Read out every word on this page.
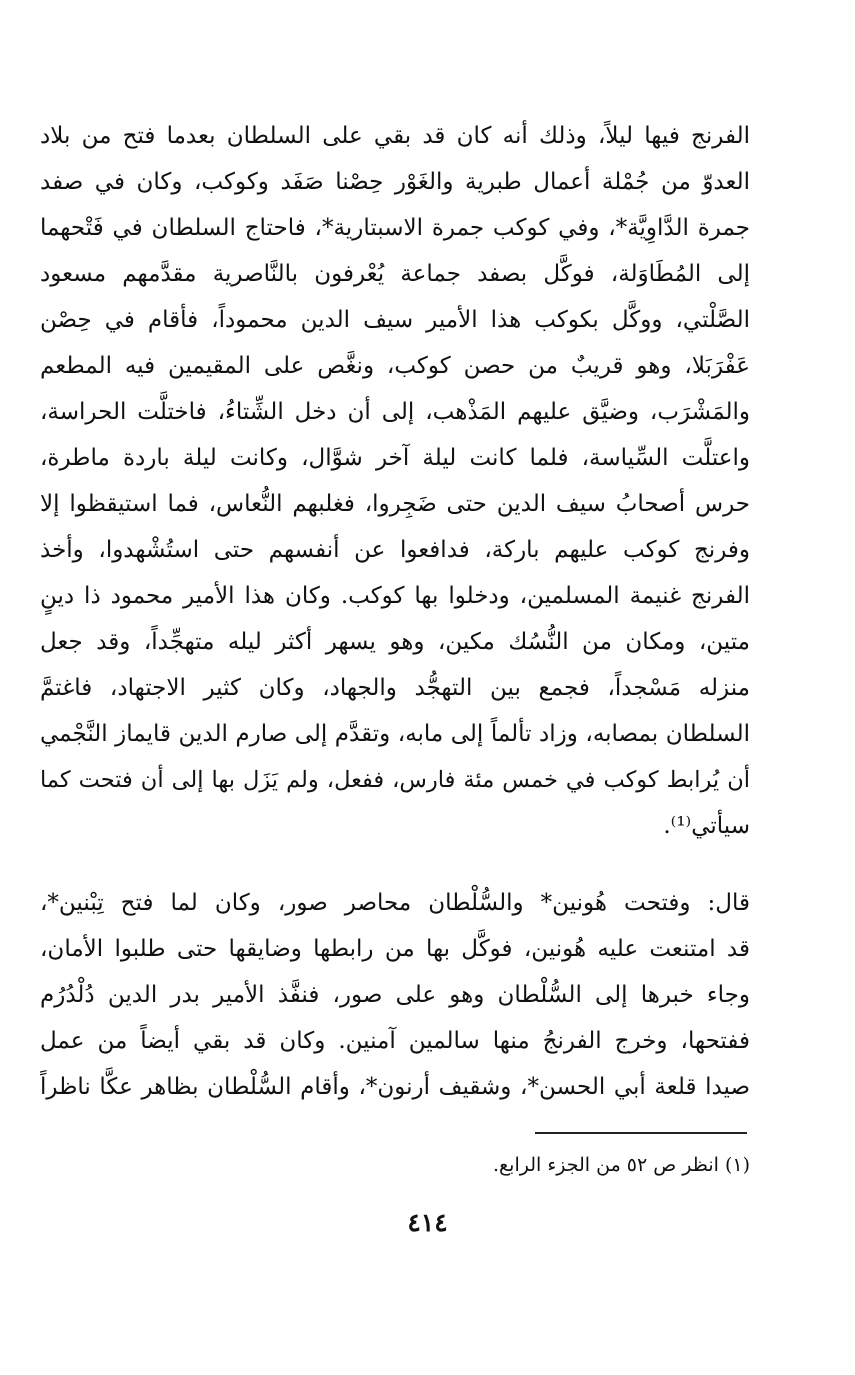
الفرنج فيها ليلاً، وذلك أنه كان قد بقي على السلطان بعدما فتح من بلاد
العدوّ من جُمْلة أعمال طبرية والغَوْر حِصْنا صَفَد وكوكب، وكان في صفد
جمرة الدَّاوِيَّة*، وفي كوكب جمرة الاسبتارية*، فاحتاج السلطان في فَتْحهما
إلى المُطَاوَلة، فوكَّل بصفد جماعة يُعْرفون بالنَّاصرية مقدَّمهم مسعود
الصَّلْتي، ووكَّل بكوكب هذا الأمير سيف الدين محموداً، فأقام في حِصْن
عَفْرَبَلا، وهو قريبٌ من حصن كوكب، ونغَّص على المقيمين فيه المطعم
والمَشْرَب، وضيَّق عليهم المَذْهب، إلى أن دخل الشِّتاءُ، فاختلَّت الحراسة،
واعتلَّت السِّياسة، فلما كانت ليلة آخر شوَّال، وكانت ليلة باردة ماطرة،
حرس أصحابُ سيف الدين حتى ضَجِروا، فغلبهم النُّعاس، فما استيقظوا إلا
وفرنج كوكب عليهم باركة، فدافعوا عن أنفسهم حتى استُشْهدوا، وأخذ
الفرنج غنيمة المسلمين، ودخلوا بها كوكب. وكان هذا الأمير محمود ذا دينٍ
متين، ومكان من النُّسُك مكين، وهو يسهر أكثر ليله متهجِّداً، وقد جعل
منزله مَسْجداً، فجمع بين التهجُّد والجهاد، وكان كثير الاجتهاد، فاغتمَّ
السلطان بمصابه، وزاد تألماً إلى مابه، وتقدَّم إلى صارم الدين قايماز النَّجْمي
أن يُرابط كوكب في خمس مئة فارس، ففعل، ولم يَزَل بها إلى أن فتحت كما
سيأتي⁽¹⁾.
قال: وفتحت هُونين* والسُّلْطان محاصر صور، وكان لما فتح تِبْنين*،
قد امتنعت عليه هُونين، فوكَّل بها من رابطها وضايقها حتى طلبوا الأمان،
وجاء خبرها إلى السُّلْطان وهو على صور، فنفَّذ الأمير بدر الدين دُلْدُرُم
ففتحها، وخرج الفرنجُ منها سالمين آمنين. وكان قد بقي أيضاً من عمل
صيدا قلعة أبي الحسن*، وشقيف أرنون*، وأقام السُّلْطان بظاهر عكَّا ناظراً
(١) انظر ص ٥٢ من الجزء الرابع.
٤١٤
